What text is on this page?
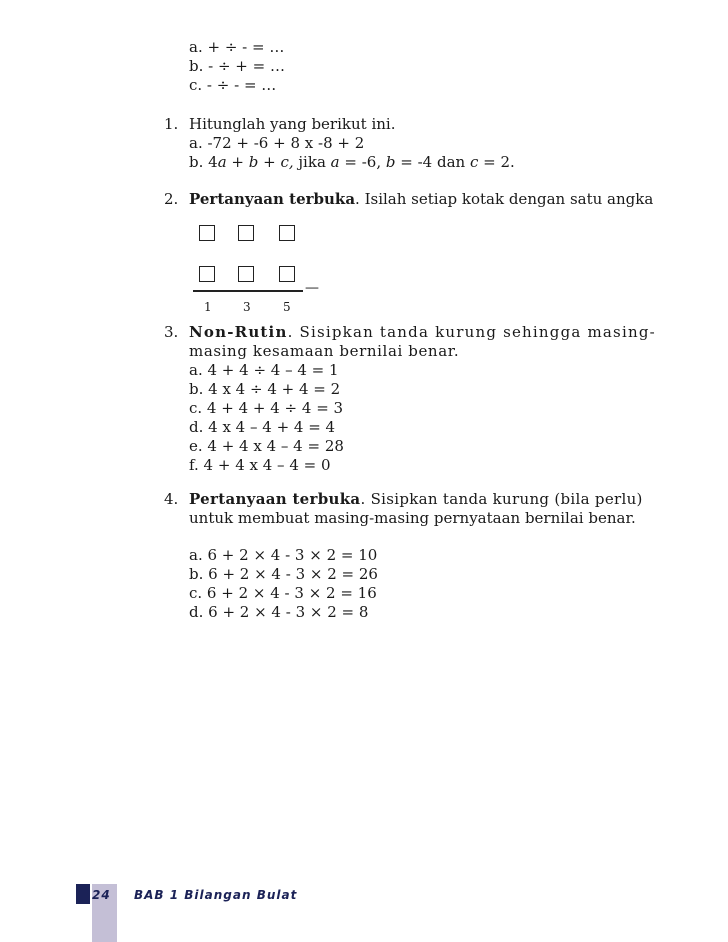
a. + ÷ - = …
b. - ÷ + = …
c. - ÷ - = …
1. Hitunglah yang berikut ini.
a. -72 + -6 + 8 x -8 + 2
b. 4a + b + c, jika a = -6, b = -4 dan c = 2.
2. Pertanyaan terbuka. Isilah setiap kotak dengan satu angka
—
1	3	5
3. Non-Rutin. Sisipkan tanda kurung sehingga masing-
masing kesamaan bernilai benar.
a. 4 + 4 ÷ 4 – 4 = 1
b. 4 x 4 ÷ 4 + 4 = 2
c. 4 + 4 + 4 ÷ 4 = 3
d. 4 x 4 – 4 + 4 = 4
e. 4 + 4 x 4 – 4 = 28
f. 4 + 4 x 4 – 4 = 0
4. Pertanyaan terbuka. Sisipkan tanda kurung (bila perlu)
untuk membuat masing-masing pernyataan bernilai benar.
a. 6 + 2 × 4 - 3 × 2 = 10
b. 6 + 2 × 4 - 3 × 2 = 26
c. 6 + 2 × 4 - 3 × 2 = 16
d. 6 + 2 × 4 - 3 × 2 = 8
24 BAB 1 Bilangan Bulat
